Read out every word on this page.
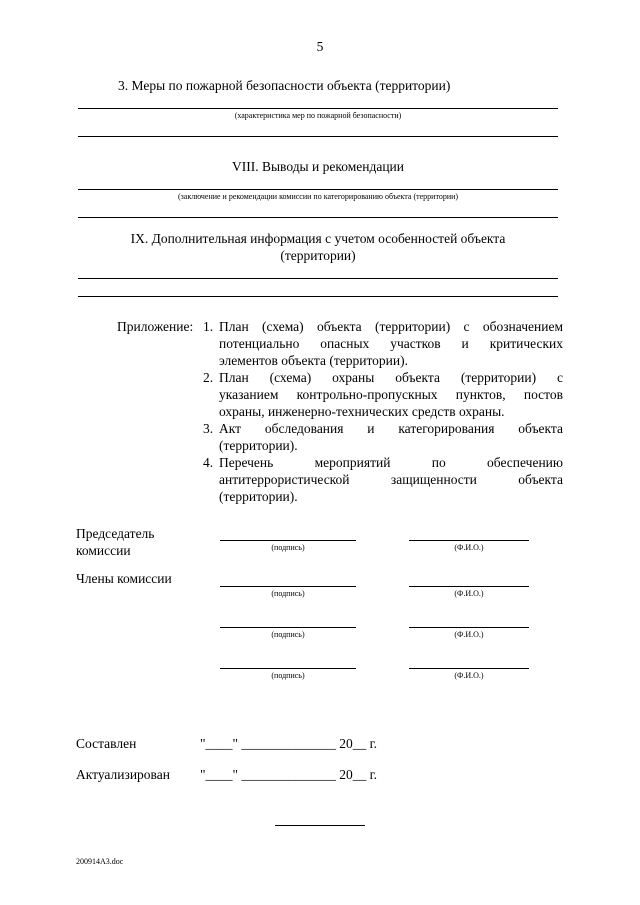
5
3. Меры по пожарной безопасности объекта (территории)
(характеристика мер по пожарной безопасности)
VIII. Выводы и рекомендации
(заключение и рекомендации комиссии по категорированию объекта (территории)
IX. Дополнительная информация с учетом особенностей объекта
(территории)
Приложение: 1. План (схема) объекта (территории) с обозначением
потенциально опасных участков и критических
элементов объекта (территории).
2. План (схема) охраны объекта (территории) с
указанием контрольно-пропускных пунктов, постов
охраны, инженерно-технических средств охраны.
3. Акт обследования и категорирования объекта
(территории).
4. Перечень мероприятий по обеспечению
антитеррористической защищенности объекта
(территории).
Председатель
комиссии	(подпись)	(Ф.И.О.)
Члены комиссии
(подпись)	(Ф.И.О.)
(подпись)	(Ф.И.О.)
(подпись)	(Ф.И.О.)
Составлен	"____" ______________ 20__ г.
Актуализирован "____" ______________ 20__ г.
200914A3.doc
